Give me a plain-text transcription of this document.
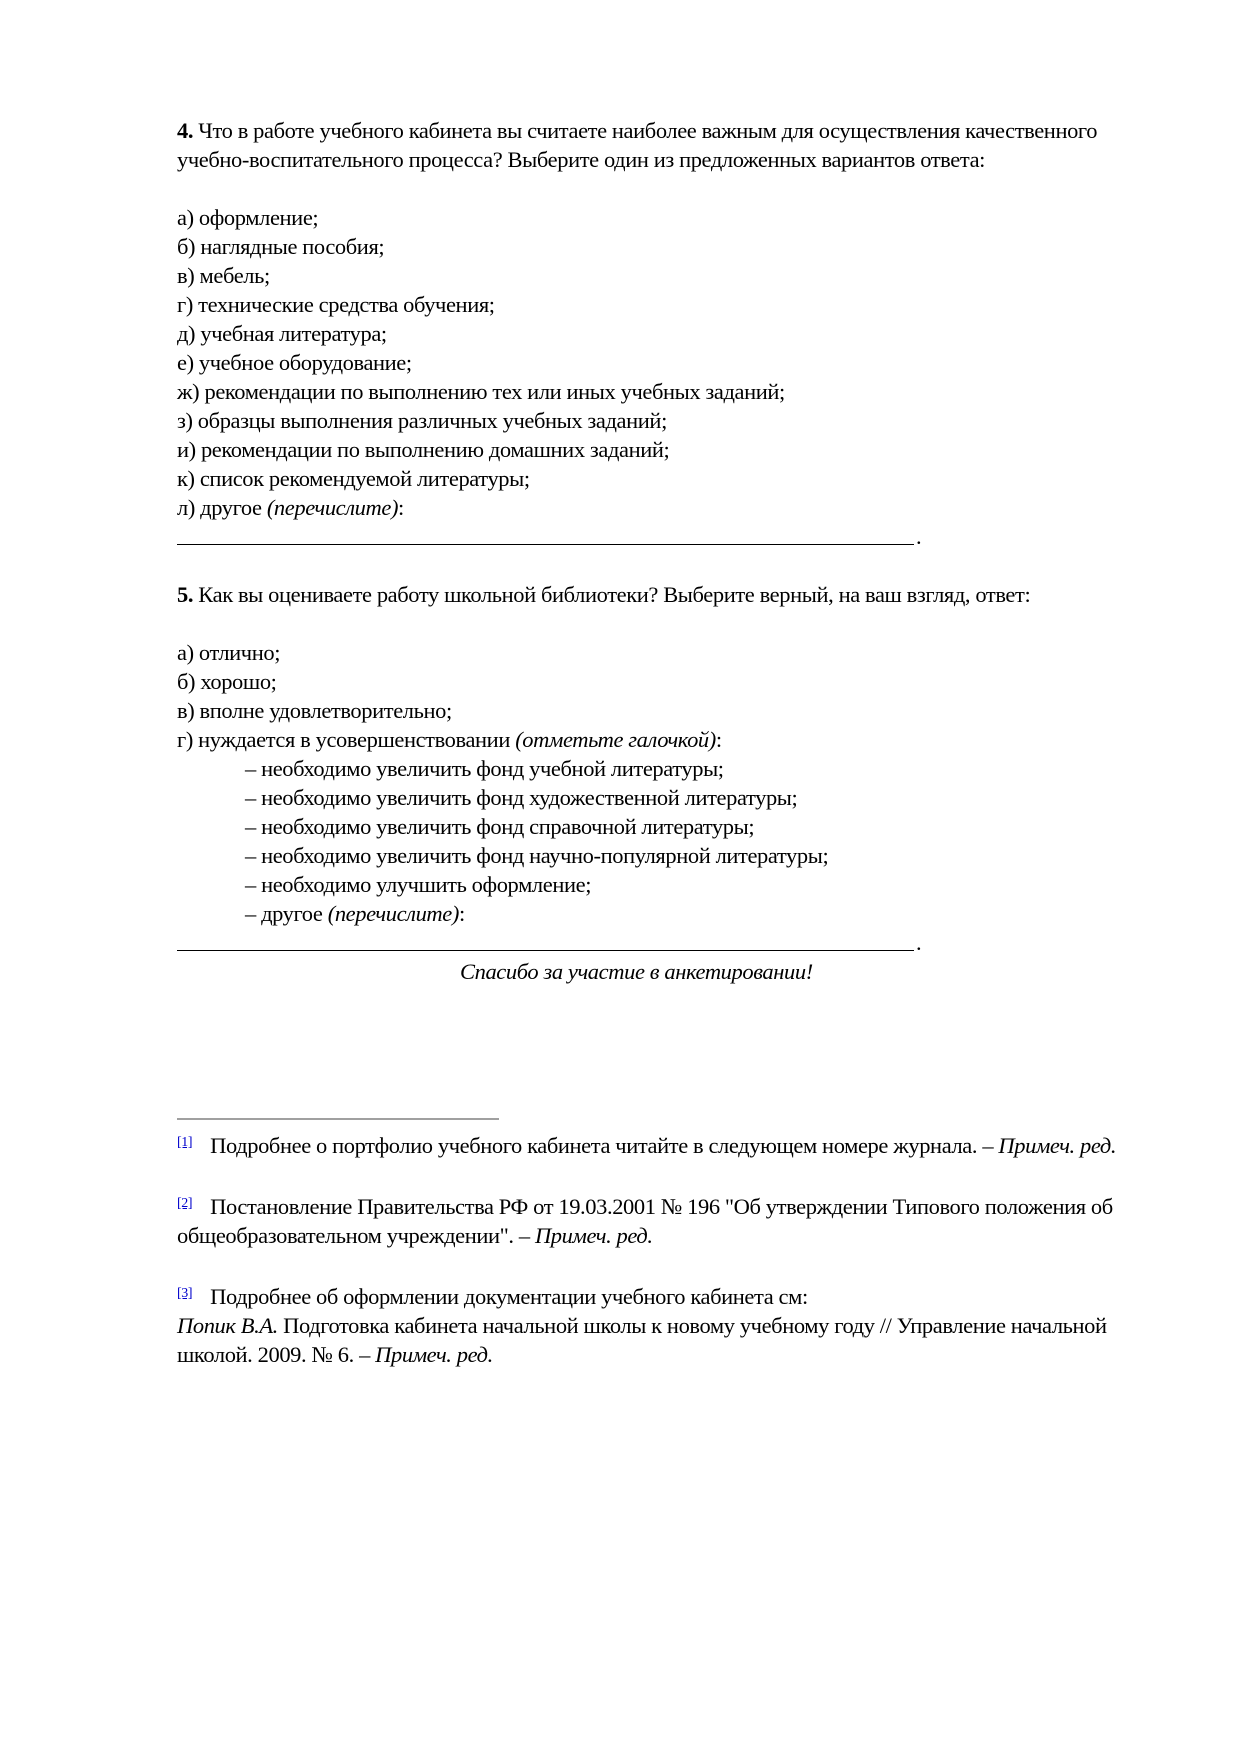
4. Что в работе учебного кабинета вы считаете наиболее важным для осуществления качественного учебно-воспитательного процесса? Выберите один из предложенных вариантов ответа:

а) оформление;

б) наглядные пособия;

в) мебель;

г) технические средства обучения;

д) учебная литература;

е) учебное оборудование;

ж) рекомендации по выполнению тех или иных учебных заданий;

з) образцы выполнения различных учебных заданий;

и) рекомендации по выполнению домашних заданий;

к) список рекомендуемой литературы;

л) другое (перечислите):

.

5. Как вы оцениваете работу школьной библиотеки? Выберите верный, на ваш взгляд, ответ:

а) отлично;

б) хорошо;

в) вполне удовлетворительно;

г) нуждается в усовершенствовании (отметьте галочкой):

– необходимо увеличить фонд учебной литературы;

– необходимо увеличить фонд художественной литературы;

– необходимо увеличить фонд справочной литературы;

– необходимо увеличить фонд научно-популярной литературы;

– необходимо улучшить оформление;

– другое (перечислите):

.

Спасибо за участие в анкетировании!

[1] Подробнее о портфолио учебного кабинета читайте в следующем номере журнала. – Примеч. ред.

[2] Постановление Правительства РФ от 19.03.2001 № 196 "Об утверждении Типового положения об общеобразовательном учреждении". – Примеч. ред.

[3] Подробнее об оформлении документации учебного кабинета см:
Попик В.А. Подготовка кабинета начальной школы к новому учебному году // Управление начальной школой. 2009. № 6. – Примеч. ред.
